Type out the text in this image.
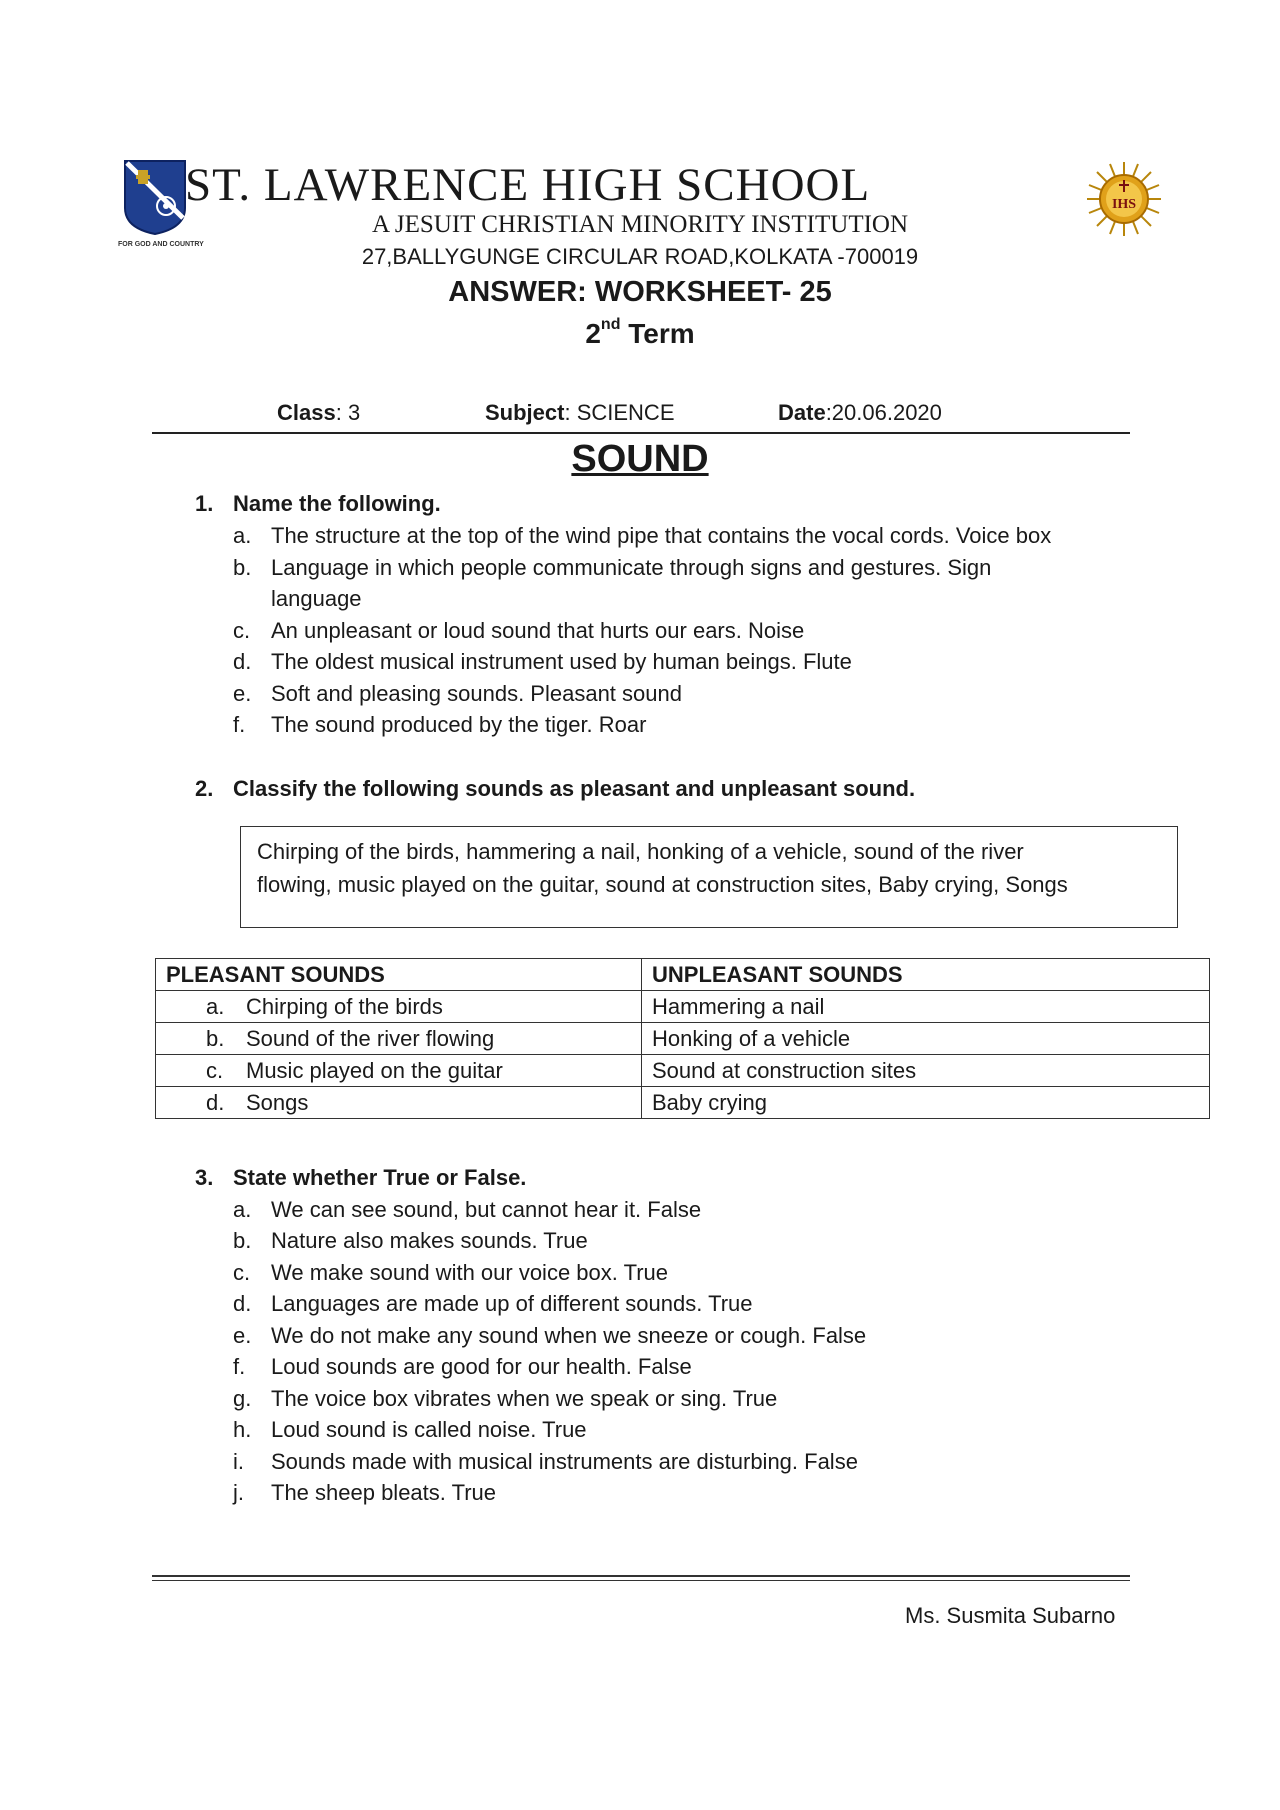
FOR GOD AND COUNTRY
IHS
ST. LAWRENCE HIGH SCHOOL
A JESUIT CHRISTIAN MINORITY INSTITUTION
27,BALLYGUNGE CIRCULAR ROAD,KOLKATA -700019
ANSWER: WORKSHEET- 25
2nd Term
Class: 3	Subject: SCIENCE	Date:20.06.2020
SOUND
1. Name the following.
a. The structure at the top of the wind pipe that contains the vocal cords. Voice box
b. Language in which people communicate through signs and gestures. Sign
language
c. An unpleasant or loud sound that hurts our ears. Noise
d. The oldest musical instrument used by human beings. Flute
e. Soft and pleasing sounds. Pleasant sound
f. The sound produced by the tiger. Roar
2. Classify the following sounds as pleasant and unpleasant sound.
Chirping of the birds, hammering a nail, honking of a vehicle, sound of the river
flowing, music played on the guitar, sound at construction sites, Baby crying, Songs
PLEASANT SOUNDS	UNPLEASANT SOUNDS
a. Chirping of the birds	Hammering a nail
b. Sound of the river flowing	Honking of a vehicle
c. Music played on the guitar	Sound at construction sites
d. Songs	Baby crying
3. State whether True or False.
a. We can see sound, but cannot hear it. False
b. Nature also makes sounds. True
c. We make sound with our voice box. True
d. Languages are made up of different sounds. True
e. We do not make any sound when we sneeze or cough. False
f. Loud sounds are good for our health. False
g. The voice box vibrates when we speak or sing. True
h. Loud sound is called noise. True
i. Sounds made with musical instruments are disturbing. False
j. The sheep bleats. True
Ms. Susmita Subarno
